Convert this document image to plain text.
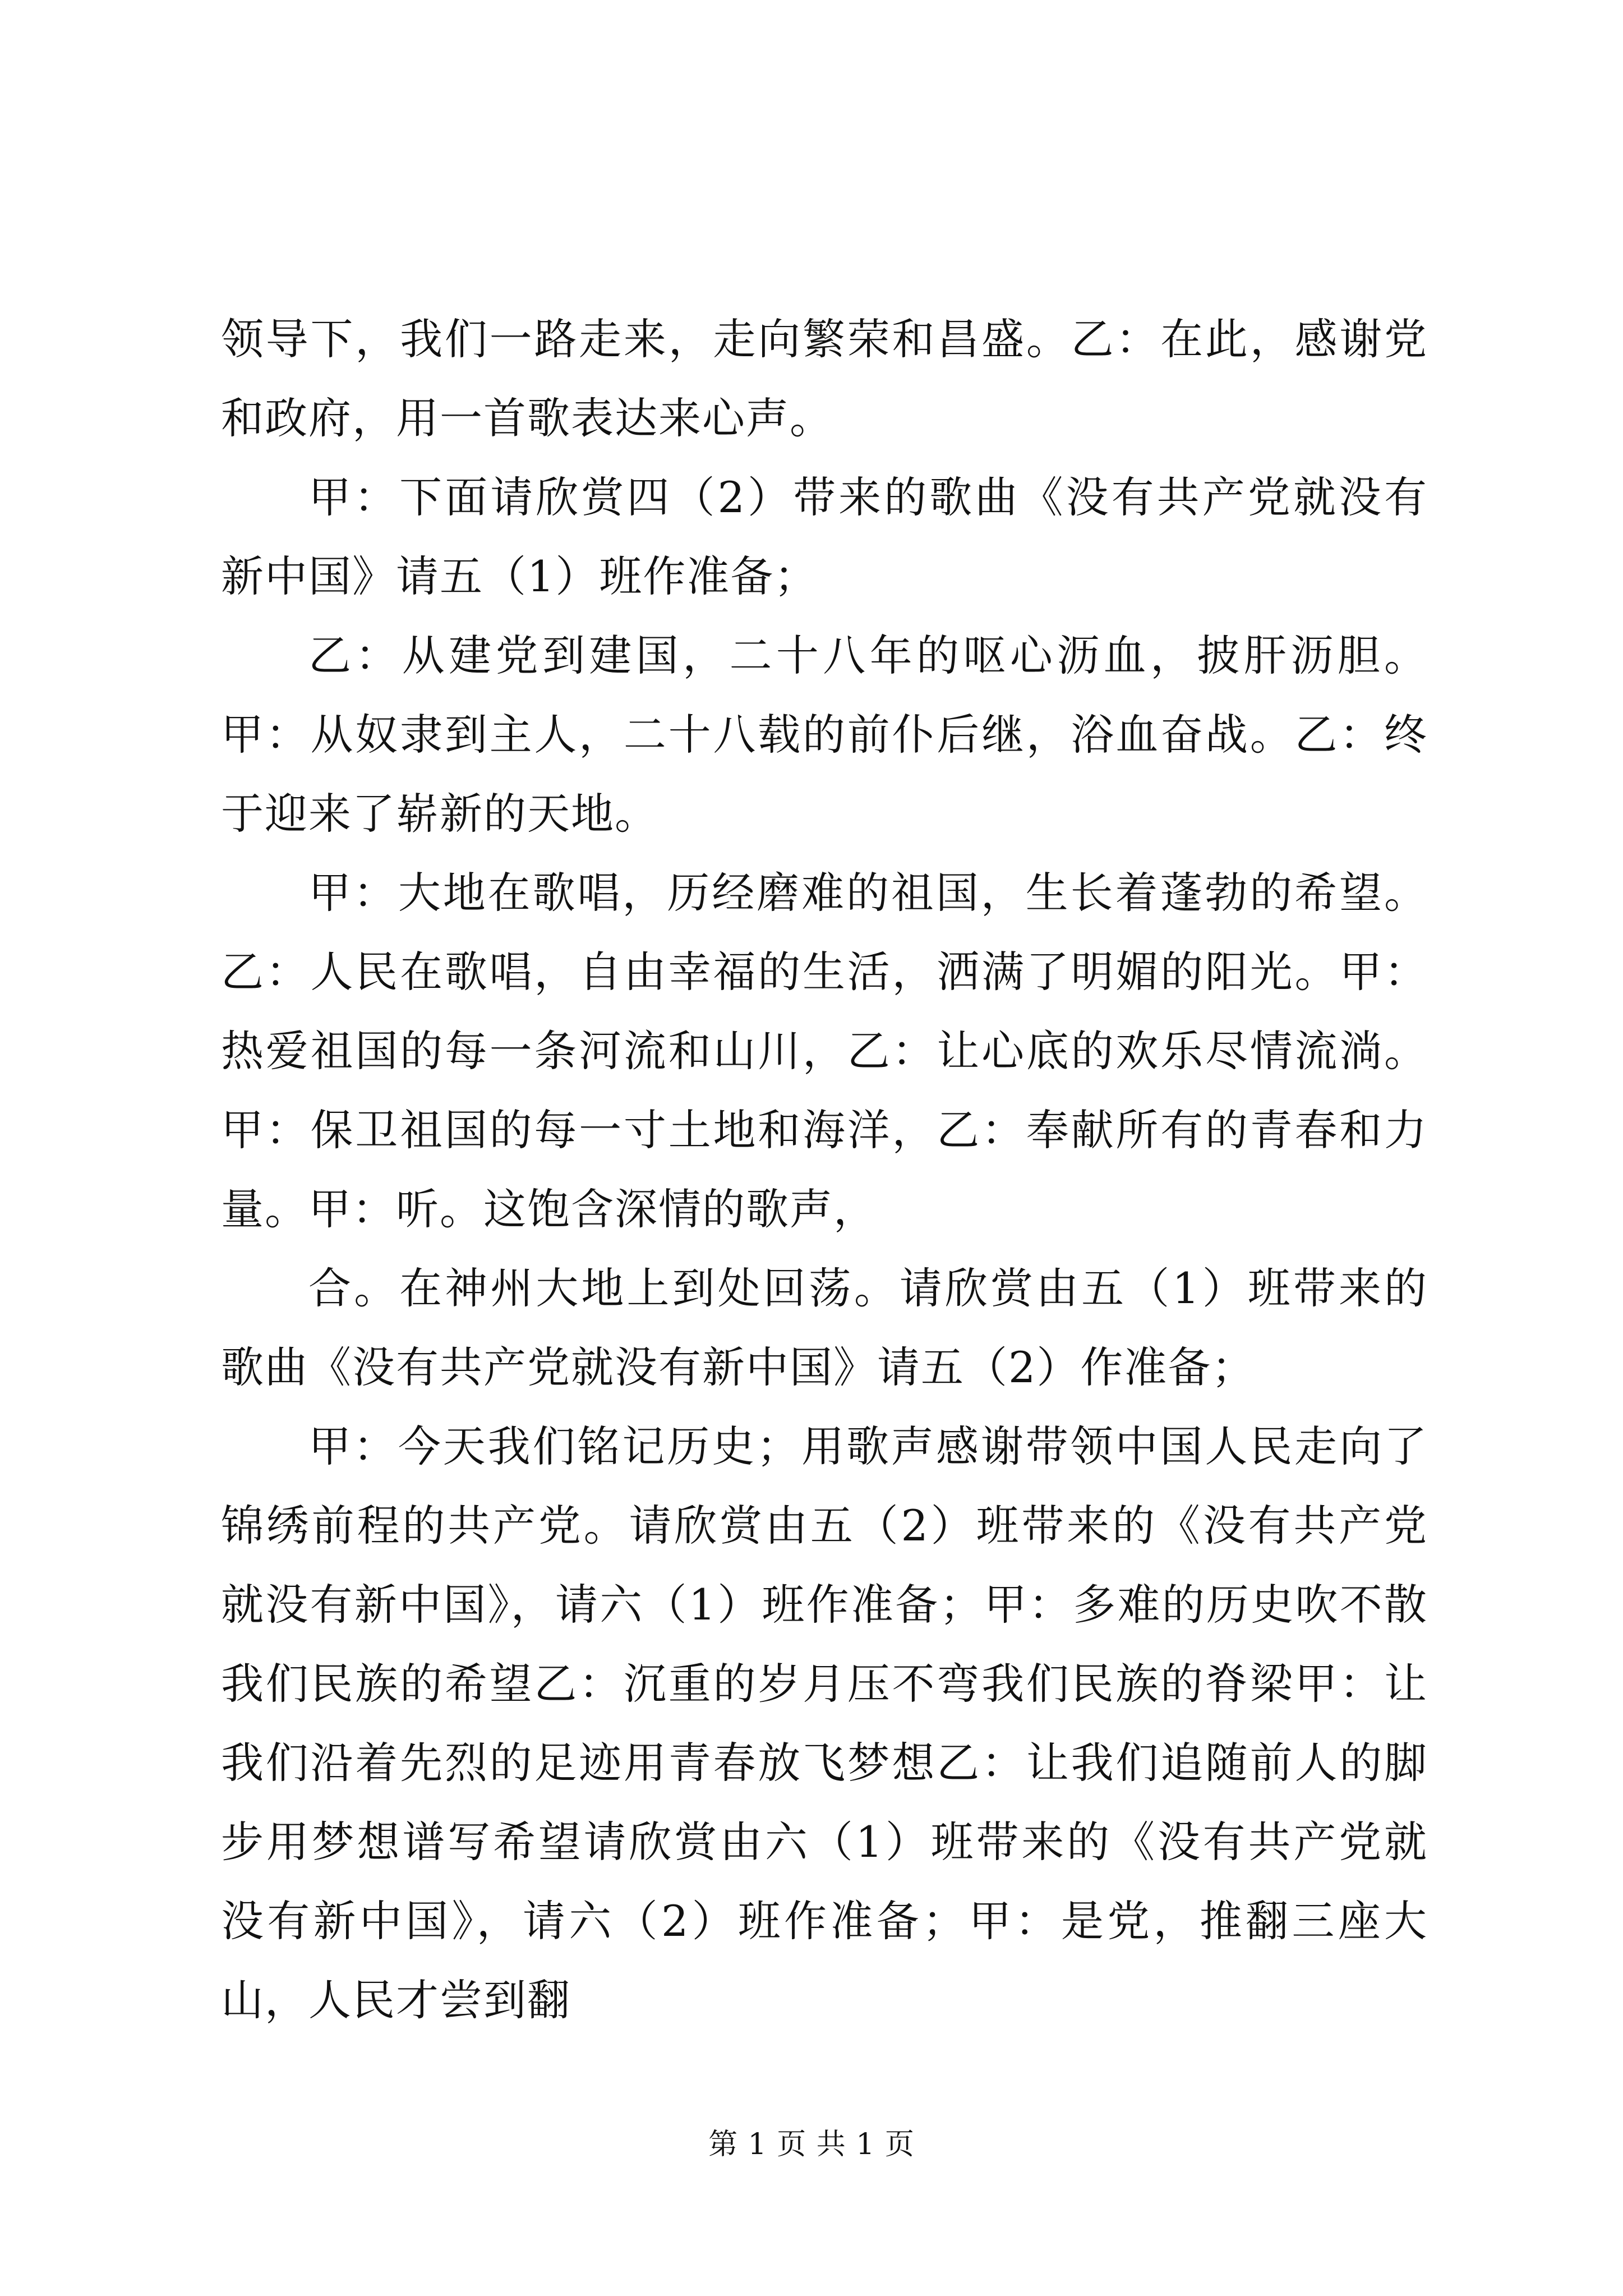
领导下，我们一路走来，走向繁荣和昌盛。乙：在此，感谢党和政府，用一首歌表达来心声。

甲：下面请欣赏四（2）带来的歌曲《没有共产党就没有新中国》请五（1）班作准备；

乙：从建党到建国，二十八年的呕心沥血，披肝沥胆。甲：从奴隶到主人，二十八载的前仆后继，浴血奋战。乙：终于迎来了崭新的天地。

甲：大地在歌唱，历经磨难的祖国，生长着蓬勃的希望。乙：人民在歌唱，自由幸福的生活，洒满了明媚的阳光。甲：热爱祖国的每一条河流和山川，乙：让心底的欢乐尽情流淌。甲：保卫祖国的每一寸土地和海洋，乙：奉献所有的青春和力量。甲：听。这饱含深情的歌声，

合。在神州大地上到处回荡。请欣赏由五（1）班带来的歌曲《没有共产党就没有新中国》请五（2）作准备；

甲：今天我们铭记历史；用歌声感谢带领中国人民走向了锦绣前程的共产党。请欣赏由五（2）班带来的《没有共产党就没有新中国》，请六（1）班作准备；甲：多难的历史吹不散我们民族的希望乙：沉重的岁月压不弯我们民族的脊梁甲：让我们沿着先烈的足迹用青春放飞梦想乙：让我们追随前人的脚步用梦想谱写希望请欣赏由六（1）班带来的《没有共产党就没有新中国》，请六（2）班作准备；甲：是党，推翻三座大山，人民才尝到翻

第 1 页 共 1 页
